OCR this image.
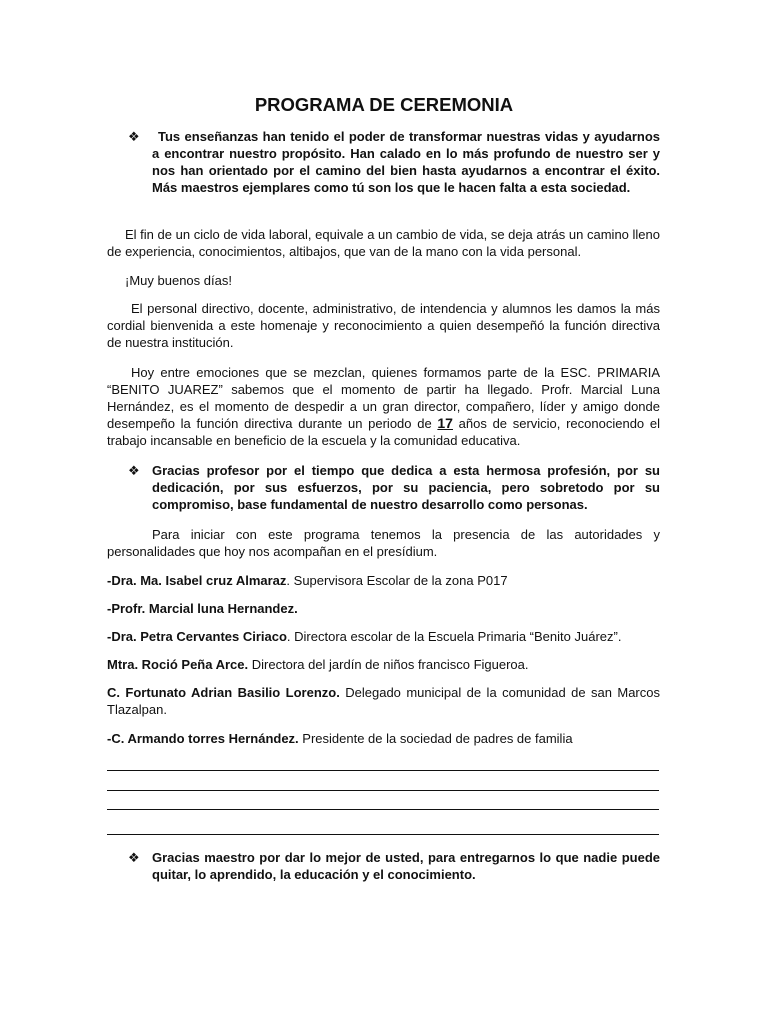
PROGRAMA DE CEREMONIA
❖	Tus enseñanzas han tenido el poder de transformar nuestras vidas y ayudarnos a encontrar nuestro propósito. Han calado en lo más profundo de nuestro ser y nos han orientado por el camino del bien hasta ayudarnos a encontrar el éxito. Más maestros ejemplares como tú son los que le hacen falta a esta sociedad.
El fin de un ciclo de vida laboral, equivale a un cambio de vida, se deja atrás un camino lleno de experiencia, conocimientos, altibajos, que van de la mano con la vida personal.
¡Muy buenos días!
El personal directivo, docente, administrativo, de intendencia y alumnos les damos la más cordial bienvenida a este homenaje y reconocimiento a quien desempeñó la función directiva de nuestra institución.
Hoy entre emociones que se mezclan, quienes formamos parte de la ESC. PRIMARIA “BENITO JUAREZ” sabemos que el momento de partir ha llegado. Profr. Marcial Luna Hernández, es el momento de despedir a un gran director, compañero, líder y amigo donde desempeño la función directiva durante un periodo de 17 años de servicio, reconociendo el trabajo incansable en beneficio de la escuela y la comunidad educativa.
❖ Gracias profesor por el tiempo que dedica a esta hermosa profesión, por su dedicación, por sus esfuerzos, por su paciencia, pero sobretodo por su compromiso, base fundamental de nuestro desarrollo como personas.
Para iniciar con este programa tenemos la presencia de las autoridades y personalidades que hoy nos acompañan en el presídium.
-Dra. Ma. Isabel cruz Almaraz. Supervisora Escolar de la zona P017
-Profr. Marcial luna Hernandez.
-Dra. Petra Cervantes Ciriaco. Directora escolar de la Escuela Primaria “Benito Juárez”.
Mtra. Roció Peña Arce. Directora del jardín de niños francisco Figueroa.
C. Fortunato Adrian Basilio Lorenzo. Delegado municipal de la comunidad de san Marcos Tlazalpan.
-C. Armando torres Hernández. Presidente de la sociedad de padres de familia
❖ Gracias maestro por dar lo mejor de usted, para entregarnos lo que nadie puede quitar, lo aprendido, la educación y el conocimiento.
